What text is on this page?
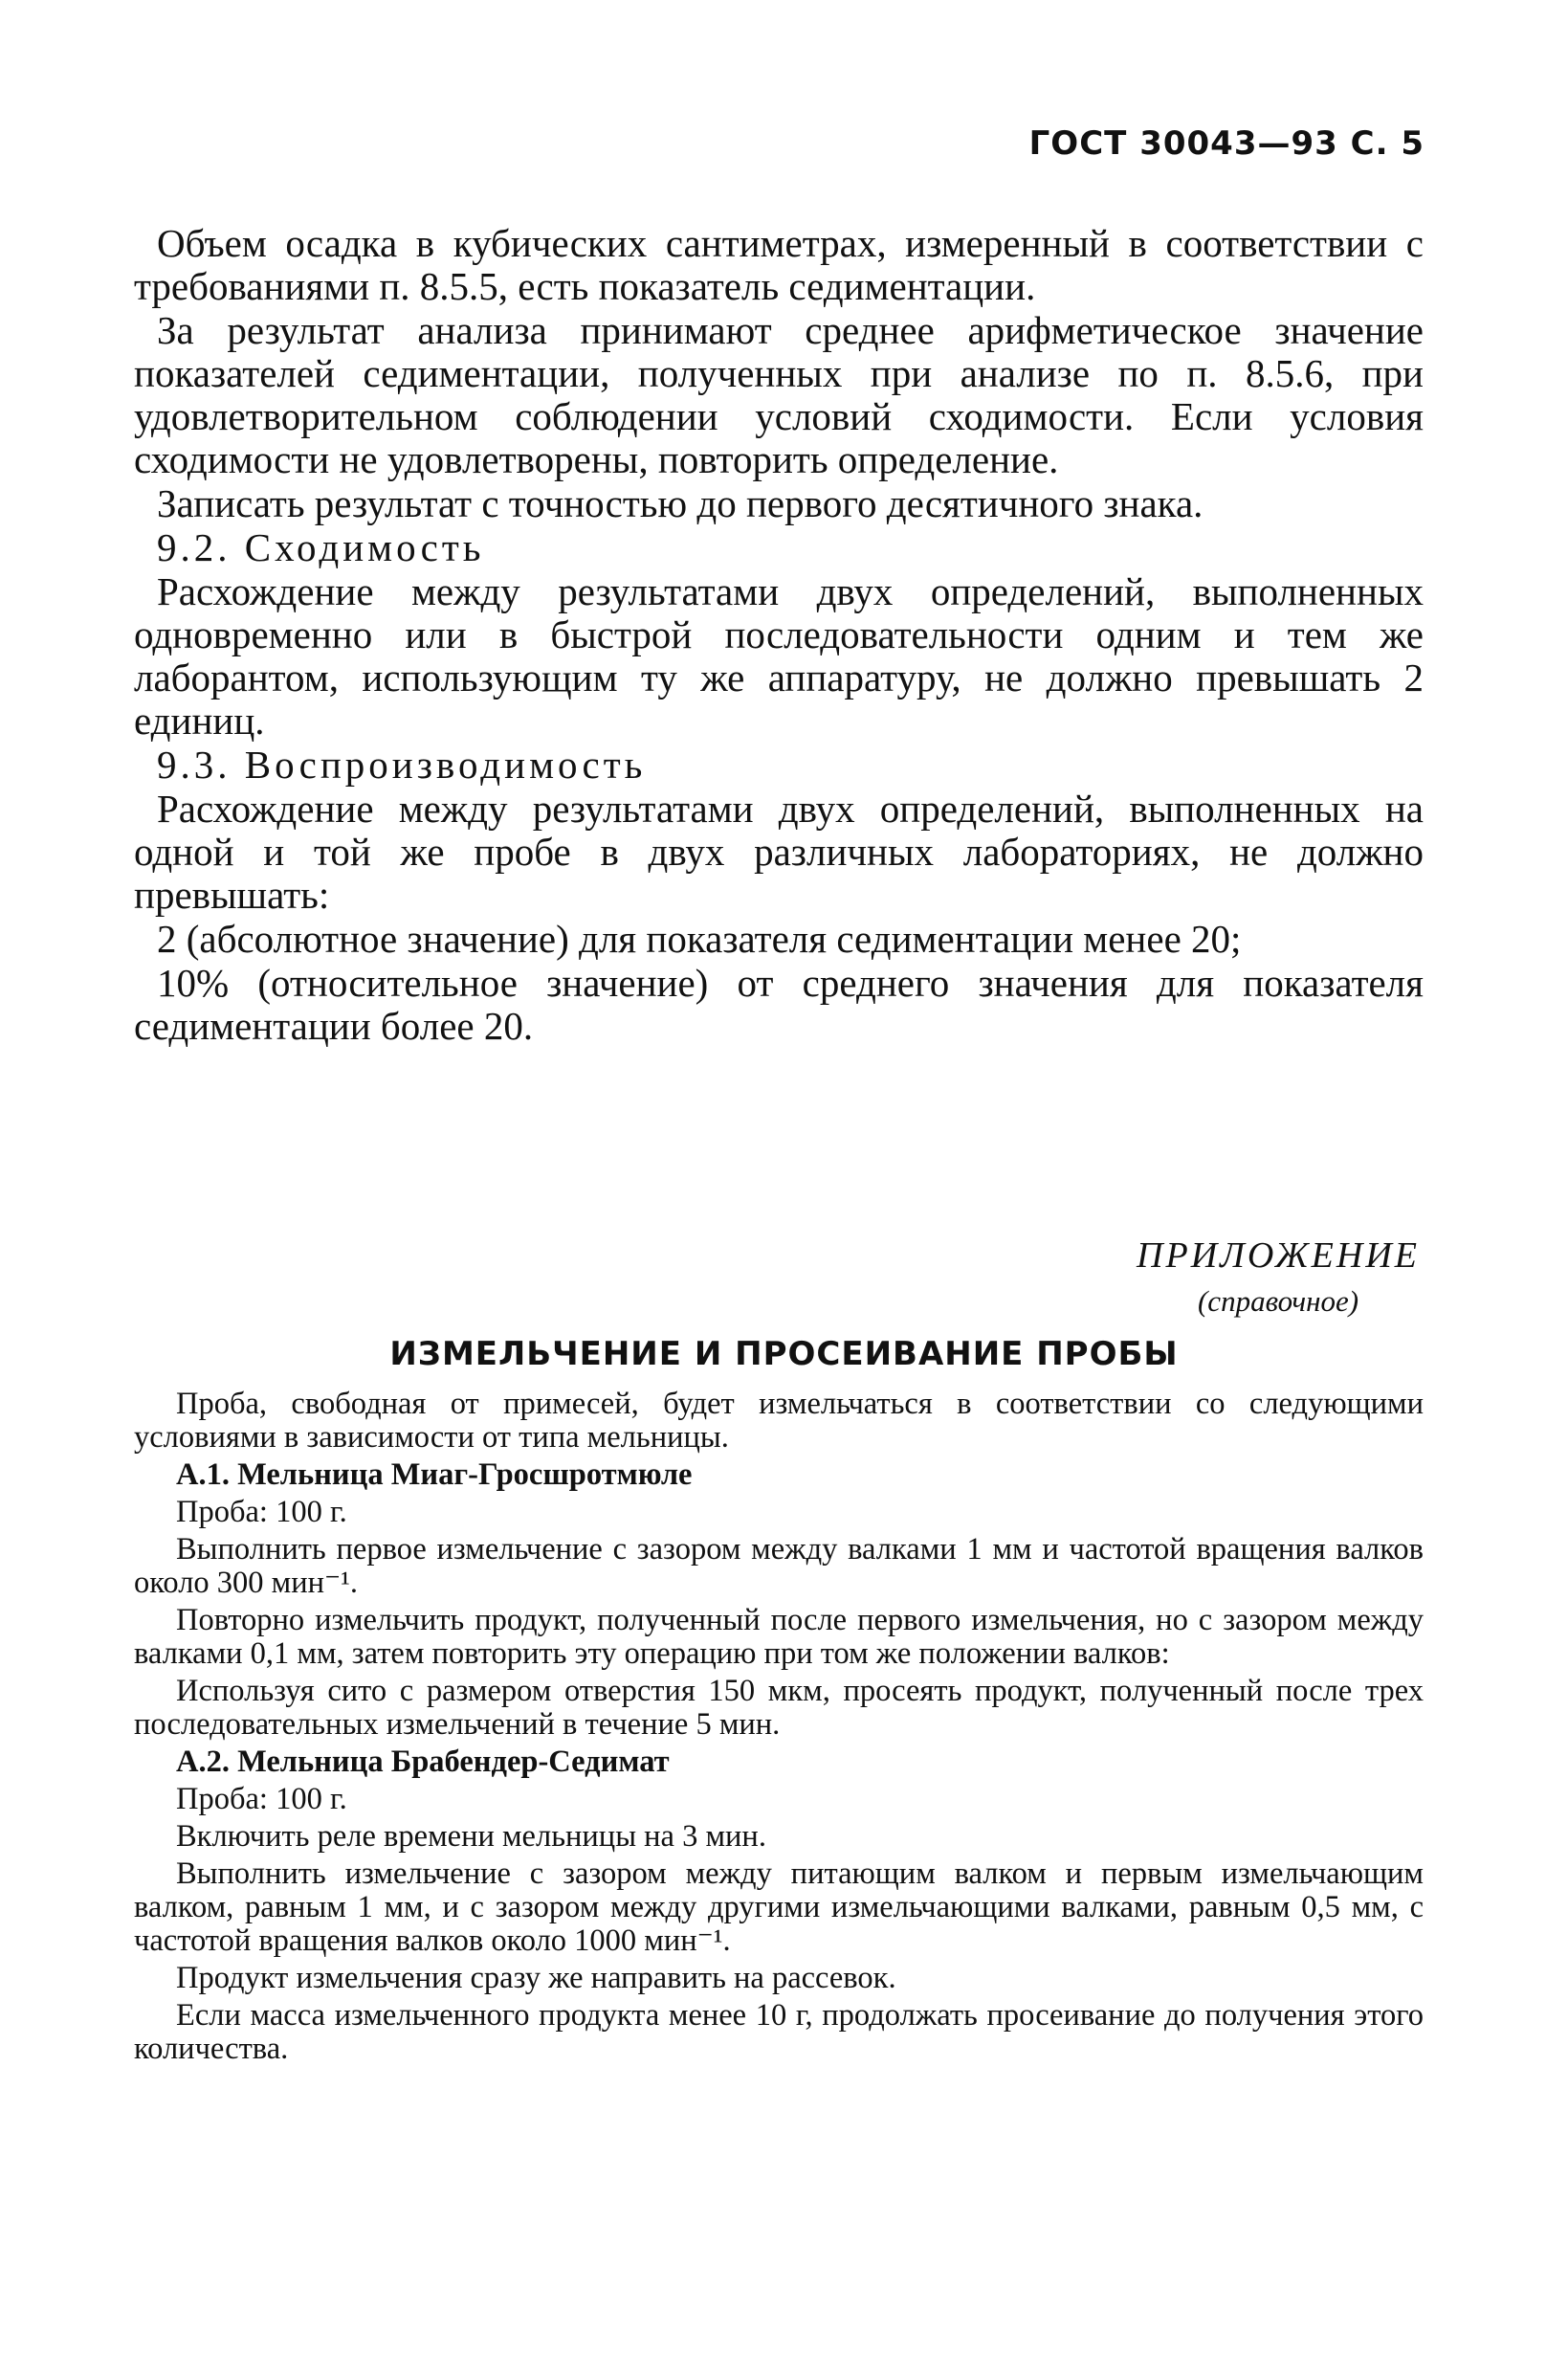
ГОСТ 30043—93 С. 5

Объем осадка в кубических сантиметрах, измеренный в соответствии с требованиями п. 8.5.5, есть показатель седиментации.

За результат анализа принимают среднее арифметическое значение показателей седиментации, полученных при анализе по п. 8.5.6, при удовлетворительном соблюдении условий сходимости. Если условия сходимости не удовлетворены, повторить определение.

Записать результат с точностью до первого десятичного знака.

9.2. Сходимость

Расхождение между результатами двух определений, выполненных одновременно или в быстрой последовательности одним и тем же лаборантом, использующим ту же аппаратуру, не должно превышать 2 единиц.

9.3. Воспроизводимость

Расхождение между результатами двух определений, выполненных на одной и той же пробе в двух различных лабораториях, не должно превышать:

2 (абсолютное значение) для показателя седиментации менее 20;

10% (относительное значение) от среднего значения для показателя седиментации более 20.

ПРИЛОЖЕНИЕ
(справочное)
ИЗМЕЛЬЧЕНИЕ И ПРОСЕИВАНИЕ ПРОБЫ

Проба, свободная от примесей, будет измельчаться в соответствии со следующими условиями в зависимости от типа мельницы.

А.1. Мельница Миаг-Гросшротмюле

Проба: 100 г.

Выполнить первое измельчение с зазором между валками 1 мм и частотой вращения валков около 300 мин⁻¹.

Повторно измельчить продукт, полученный после первого измельчения, но с зазором между валками 0,1 мм, затем повторить эту операцию при том же положении валков:

Используя сито с размером отверстия 150 мкм, просеять продукт, полученный после трех последовательных измельчений в течение 5 мин.

А.2. Мельница Брабендер-Седимат

Проба: 100 г.

Включить реле времени мельницы на 3 мин.

Выполнить измельчение с зазором между питающим валком и первым измельчающим валком, равным 1 мм, и с зазором между другими измельчающими валками, равным 0,5 мм, с частотой вращения валков около 1000 мин⁻¹.

Продукт измельчения сразу же направить на рассевок.

Если масса измельченного продукта менее 10 г, продолжать просеивание до получения этого количества.
